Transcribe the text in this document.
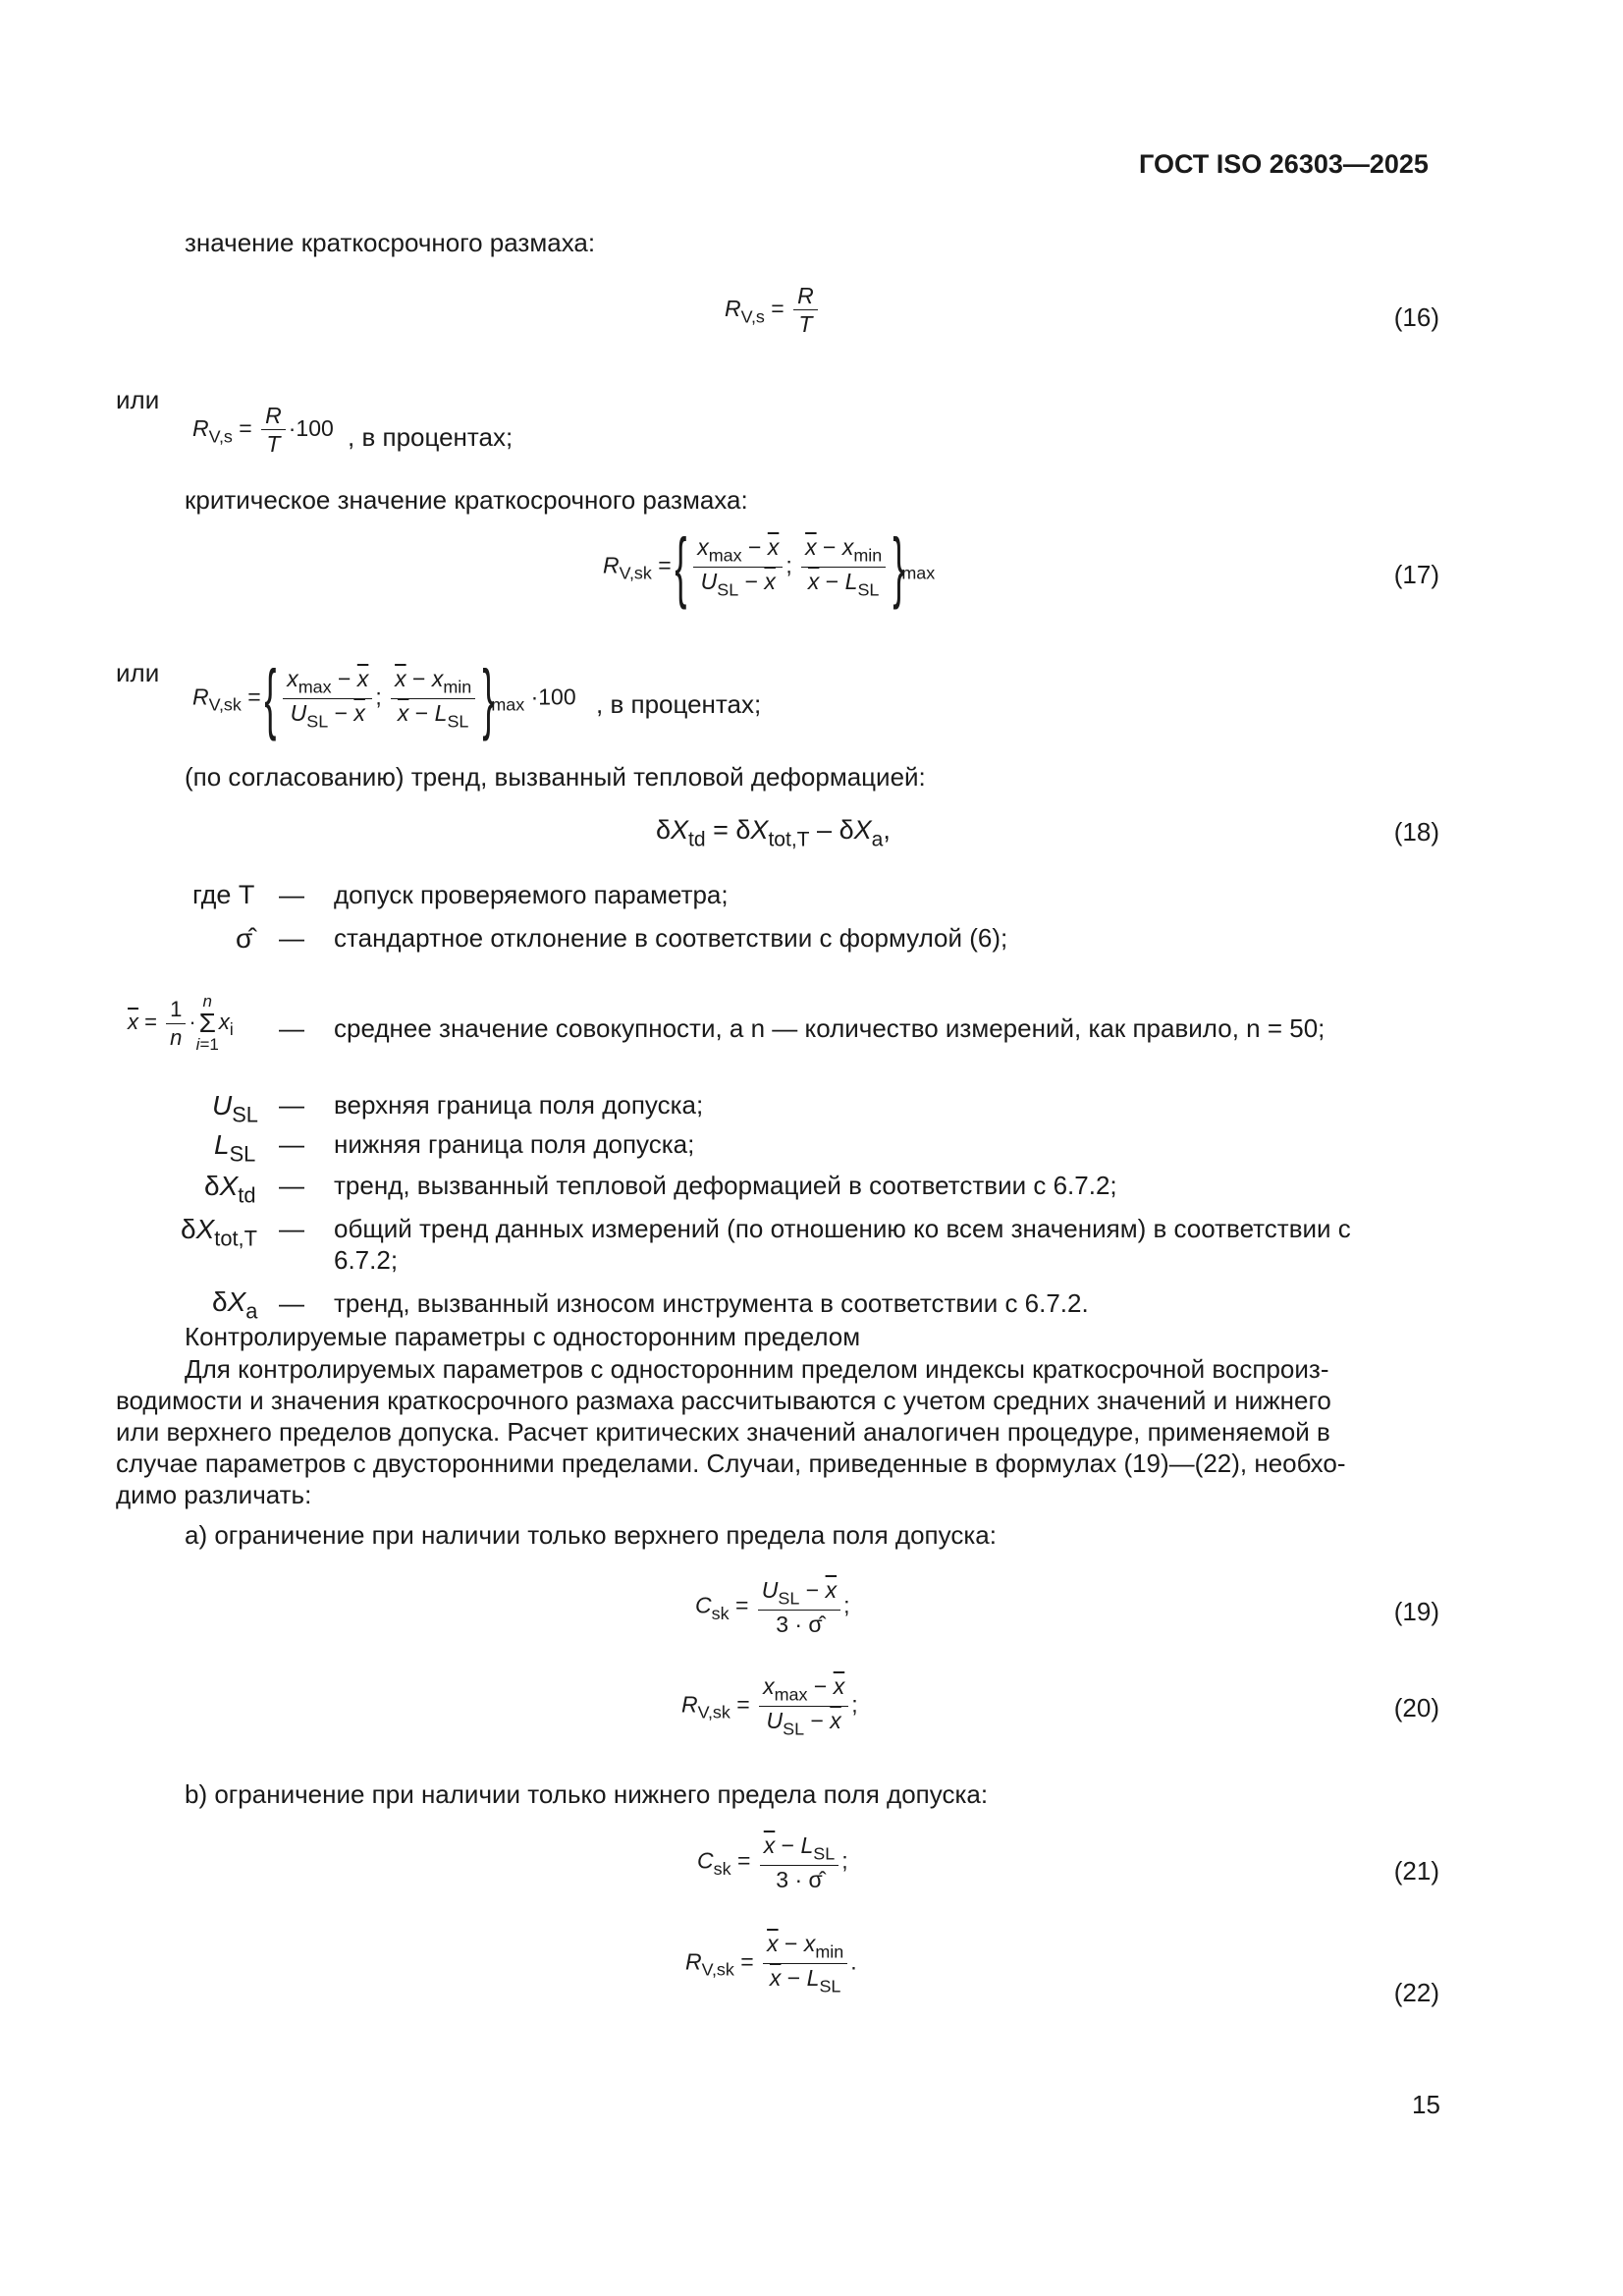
ГОСТ ISO 26303—2025
значение краткосрочного размаха:
$R_{V,s} = \frac{R}{T}$	(16)
или
$R_{V,s} = \frac{R}{T} \cdot 100$ , в процентах;
критическое значение краткосрочного размаха:
$R_{V,sk}$ = { $\frac{x_{max} - \overline{x}}{U_{SL} - \overline{x}}$ ; $\frac{\overline{x} - x_{min}}{\overline{x} - L_{SL}} \}_{max}$	(17)
или
$R_{V,sk}$ = { $\frac{x_{max} - \overline{x}}{U_{SL} - \overline{x}}$ ; $\frac{\overline{x} - x_{min}}{\overline{x} - L_{SL}} \}_{max} \cdot 100$ , в процентах;
(по согласованию) тренд, вызванный тепловой деформацией:
$\delta X_{td} = \delta X_{tot,T} - \delta X_a$,	(18)
где T — допуск проверяемого параметра;
σ̂ — стандартное отклонение в соответствии с формулой (6);
$\overline{x} = \frac{1}{n}$ ·
n
Σ
i=1
$x_i$ — среднее значение совокупности, а n — количество измерений, как правило, n = 50;
$U_{SL}$ — верхняя граница поля допуска;
$L_{SL}$ — нижняя граница поля допуска;
$\delta X_{td}$ — тренд, вызванный тепловой деформацией в соответствии с 6.7.2;
$\delta X_{tot,T}$ — общий тренд данных измерений (по отношению ко всем значениям) в соответствии с
6.7.2;
$\delta X_a$ — тренд, вызванный износом инструмента в соответствии с 6.7.2.
Контролируемые параметры с односторонним пределом
Для контролируемых параметров с односторонним пределом индексы краткосрочной воспроиз-
водимости и значения краткосрочного размаха рассчитываются с учетом средних значений и нижнего
или верхнего пределов допуска. Расчет критических значений аналогичен процедуре, применяемой в
случае параметров с двусторонними пределами. Случаи, приведенные в формулах (19)—(22), необхо-
димо различать:
a) ограничение при наличии только верхнего предела поля допуска:
$C_{sk} = \frac{U_{SL} - \overline{x}}{3 \cdot \sigmâ}$ ;	(19)
$R_{V,sk} = \frac{x_{max} - \overline{x}}{U_{SL} - \overline{x}}$ ;	(20)
b) ограничение при наличии только нижнего предела поля допуска:
$C_{sk} = \frac{\overline{x} - L_{SL}}{3 \cdot \sigmâ}$ ;	(21)
$R_{V,sk} = \frac{\overline{x} - x_{min}}{\overline{x} - L_{SL}}$ .
(22)
15
